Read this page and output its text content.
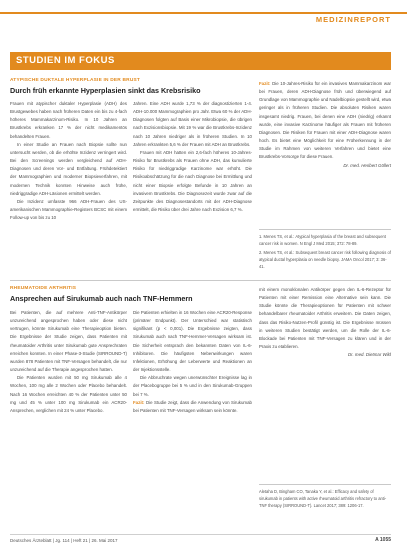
MEDIZINREPORT
STUDIEN IM FOKUS
ATYPISCHE DUKTALE HYPERPLASIE IN DER BRUST
Durch früh erkannte Hyperplasien sinkt das Krebsrisiko

Frauen mit atypischer duktaler Hyperplasie (ADH) des Brustgewebes haben nach früheren Daten ein bis zu 4-fach höheres Mammakarzinom-Risiko. In 10 Jahren an Brustkrebs erkranken 17 % der nicht medikamentös behandelten Frauen.

In einer Studie an Frauen nach Biopsie sollte nun untersucht werden, ob die erhöhte Inzidenz verringert wird. Bei den Screenings werden vergleichend auf ADH-Diagnosen und deren Vor- und Entfaltung. Frühdetektiert der Mammographien und moderner Biopsieverfahren, mit modernen Technik konnten Hinweise auch frühe, niedriggradige ADH-Läsionen ermittelt werden.

Die Inzidenz umfasste 966 ADH-Frauen des US-amerikanischen Mammographie-Registers BCSC mit einem Follow-up von bis zu 10

Jahren. Eine ADH wurde 1,73 % der diagnostizierten 1-4. ADH-10.000 Mammographien pro Jahr. Etwa 60 % der ADH-Diagnosen folgten auf Basis einer Mikrobiopsie, die übrigen nach Exzisionsbiopsie. Mit 19 % war die Brustkrebs-Inzidenz nach 10 Jahren niedriger als in früheren Studien. In 10 Jahren erkrankten 5,6 % der Frauen mit ADH an Brustkrebs.

Frauen mit ADH hatten ein 2,6-fach höheres 10-Jahres-Risiko für Brustkrebs als Frauen ohne ADH, das kumulierte Risiko für niedriggradige Karzinome war erhöht. Die Risikoabschätzung für die nach Diagnose bei Ermittlung und nicht einer Biopsie erfolgte Befunde in 10 Jahren an invasivem Brustkrebs. Die Diagnosezeit wurde zwar auf die Zeitpunkte des Diagnosestandorts mit der ADH-Diagnose ermittelt, die Risiko über drei Jahre nach Exzision 6,7 %.

Fazit: Die 10-Jahres-Risiko für ein invasives Mammakarzinom war bei Frauen, deren ADH-Diagnose früh und überwiegend auf Grundlage von Mammographie und Nadelbiopsie gestellt wird, etwa geringer als in früheren Studien. Die absoluten Risiken waren insgesamt niedrig. Frauen, bei denen eine ADH (niedrig) erkannt wurde, eine invasive Karzinome häufiger als Frauen mit früheren Diagnosen. Die Risiken für Frauen mit einer ADH-Diagnose waren hoch. Es bietet eine Möglichkeit für eine Früherkennung in der Studie im Rahmen von weiteren Verfahren und bietet eine Brustkrebs-Vorsorge für diese Frauen.

Dr. med. Heribert Göllert

1. Menes TS, et al.: Atypical hyperplasia of the breast and subsequent cancer risk in women. N Engl J Med 2015; 372: 78-89.

2. Menes TS, et al.: Subsequent breast cancer risk following diagnosis of atypical ductal hyperplasia on needle biopsy. JAMA Oncol 2017; 3: 36-41.

RHEUMATOIDE ARTHRITIS
Ansprechen auf Sirukumab auch nach TNF-Hemmern

Bei Patienten, die auf mehrere Anti-TNF-Antikörper unzureichend angesprochen haben oder diese nicht vertrugen, könnte Sirukumab eine Therapieoption bieten. Die Ergebnisse der Studie zeigen, dass Patienten mit rheumatoider Arthritis unter Sirukumab gute Ansprechraten erreichen konnten. In einer Phase-3-Studie (SIRROUND-T) wurden 878 Patienten mit TNF-Versagen behandelt, die nur unzureichend auf die Therapie angesprochen hatten.

Die Patienten wurden mit 50 mg Sirukumab alle 4 Wochen, 100 mg alle 2 Wochen oder Placebo behandelt. Nach 16 Wochen erreichten 40 % der Patienten unter 50 mg und 45 % unter 100 mg Sirukumab ein ACR20-Ansprechen, verglichen mit 24 % unter Placebo.

Die Patienten erhielten in 16 Wochen eine ACR20-Response (primärer Endpunkt). Der Unterschied war statistisch signifikant (p < 0,001). Die Ergebnisse zeigten, dass Sirukumab auch nach TNF-Hemmer-Versagen wirksam ist. Die Sicherheit entsprach den bekannten Daten von IL-6-Inhibitoren. Die häufigsten Nebenwirkungen waren Infektionen, Erhöhung der Leberwerte und Reaktionen an der Injektionsstelle.

Die Abbruchrate wegen unerwünschter Ereignisse lag in der Placebogruppe bei 5 % und in den Sirukumab-Gruppen bei 7 %.

Fazit: Die Studie zeigt, dass die Anwendung von Sirukumab bei Patienten mit TNF-Versagen wirksam sein könnte.

mit einem monoklonalen Antikörper gegen den IL-6-Rezeptor für Patienten mit einer Remission eine Alternative sein kann. Die Studie könnte die Therapieoptionen für Patienten mit schwer behandelbarer rheumatoider Arthritis erweitern. Die Daten zeigen, dass das Risiko-Nutzen-Profil günstig ist. Die Ergebnisse müssen in weiteren Studien bestätigt werden, um die Rolle der IL-6-Blockade bei Patienten mit TNF-Versagen zu klären und in der Praxis zu etablieren.

Dr. med. Dietmar Wild

Aletaha D, Bingham CO, Tanaka Y, et al.: Efficacy and safety of sirukumab in patients with active rheumatoid arthritis refractory to anti-TNF therapy (SIRROUND-T). Lancet 2017; 389: 1206-17.

Deutsches Ärzteblatt | Jg. 114 | Heft 21 | 26. Mai 2017	A 1055
